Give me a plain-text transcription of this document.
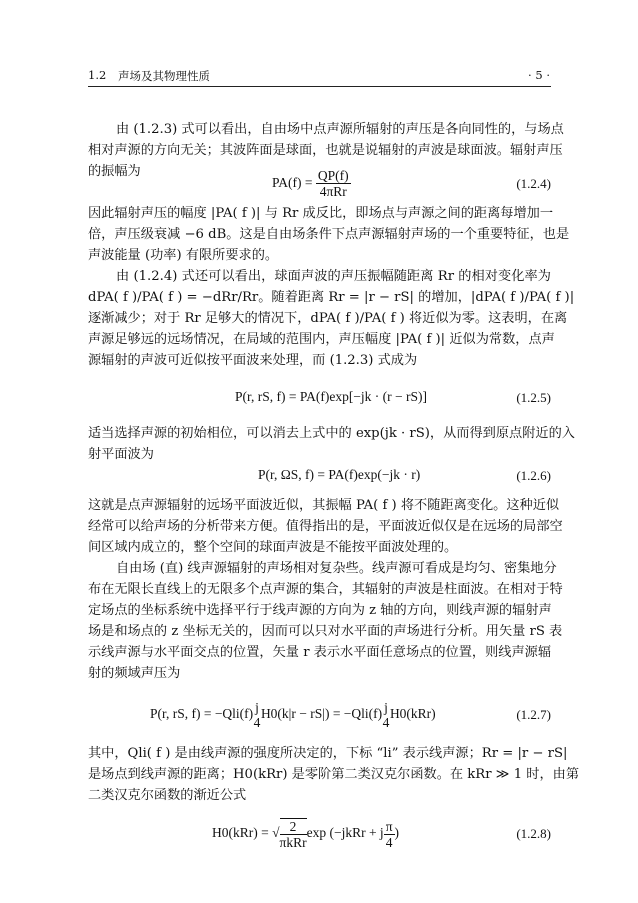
1.2 声场及其物理性质	· 5 ·
由 (1.2.3) 式可以看出，自由场中点声源所辐射的声压是各向同性的，与场点
相对声源的方向无关；其波阵面是球面，也就是说辐射的声波是球面波。辐射声压
的振幅为
$PA(f) = \frac{QP(f)}{\text{4πRr}}$	(1.2.4)
因此辐射声压的幅度 |PA( f )| 与 Rr 成反比，即场点与声源之间的距离每增加一
倍，声压级衰减 −6 dB。这是自由场条件下点声源辐射声场的一个重要特征，也是
声波能量 (功率) 有限所要求的。
由 (1.2.4) 式还可以看出，球面声波的声压振幅随距离 Rr 的相对变化率为
dPA( f )/PA( f ) = −dRr/Rr。随着距离 Rr = |r − rS| 的增加，|dPA( f )/PA( f )|
逐渐减少；对于 Rr 足够大的情况下，dPA( f )/PA( f ) 将近似为零。这表明，在离
声源足够远的远场情况，在局域的范围内，声压幅度 |PA( f )| 近似为常数，点声
源辐射的声波可近似按平面波来处理，而 (1.2.3) 式成为
P(r, rS, f) = PA(f)exp[−jk · (r − rS)]	(1.2.5)
适当选择声源的初始相位，可以消去上式中的 exp(jk · rS)，从而得到原点附近的入
射平面波为
P(r, ΩS, f) = PA(f)exp(−jk · r)	(1.2.6)
这就是点声源辐射的远场平面波近似，其振幅 PA( f ) 将不随距离变化。这种近似
经常可以给声场的分析带来方便。值得指出的是，平面波近似仅是在远场的局部空
间区域内成立的，整个空间的球面声波是不能按平面波处理的。
自由场 (直) 线声源辐射的声场相对复杂些。线声源可看成是均匀、密集地分
布在无限长直线上的无限多个点声源的集合，其辐射的声波是柱面波。在相对于特
定场点的坐标系统中选择平行于线声源的方向为 z 轴的方向，则线声源的辐射声
场是和场点的 z 坐标无关的，因而可以只对水平面的声场进行分析。用矢量 rS 表
示线声源与水平面交点的位置，矢量 r 表示水平面任意场点的位置，则线声源辐
射的频域声压为
P(r, rS, f) = −Qli(f) j
4
H0(k|r − rS|) = −Qli(f) j
4
H0(kRr)	(1.2.7)
其中，Qli( f ) 是由线声源的强度所决定的，下标 “li” 表示线声源；Rr = |r − rS|
是场点到线声源的距离；H0(kRr) 是零阶第二类汉克尔函数。在 kRr ≫ 1 时，由第
二类汉克尔函数的渐近公式
H0(kRr) = √ $\frac{2}{\text{πkRr}}$ exp (−jkRr + j $\frac{\pi}{4}$ )	(1.2.8)
